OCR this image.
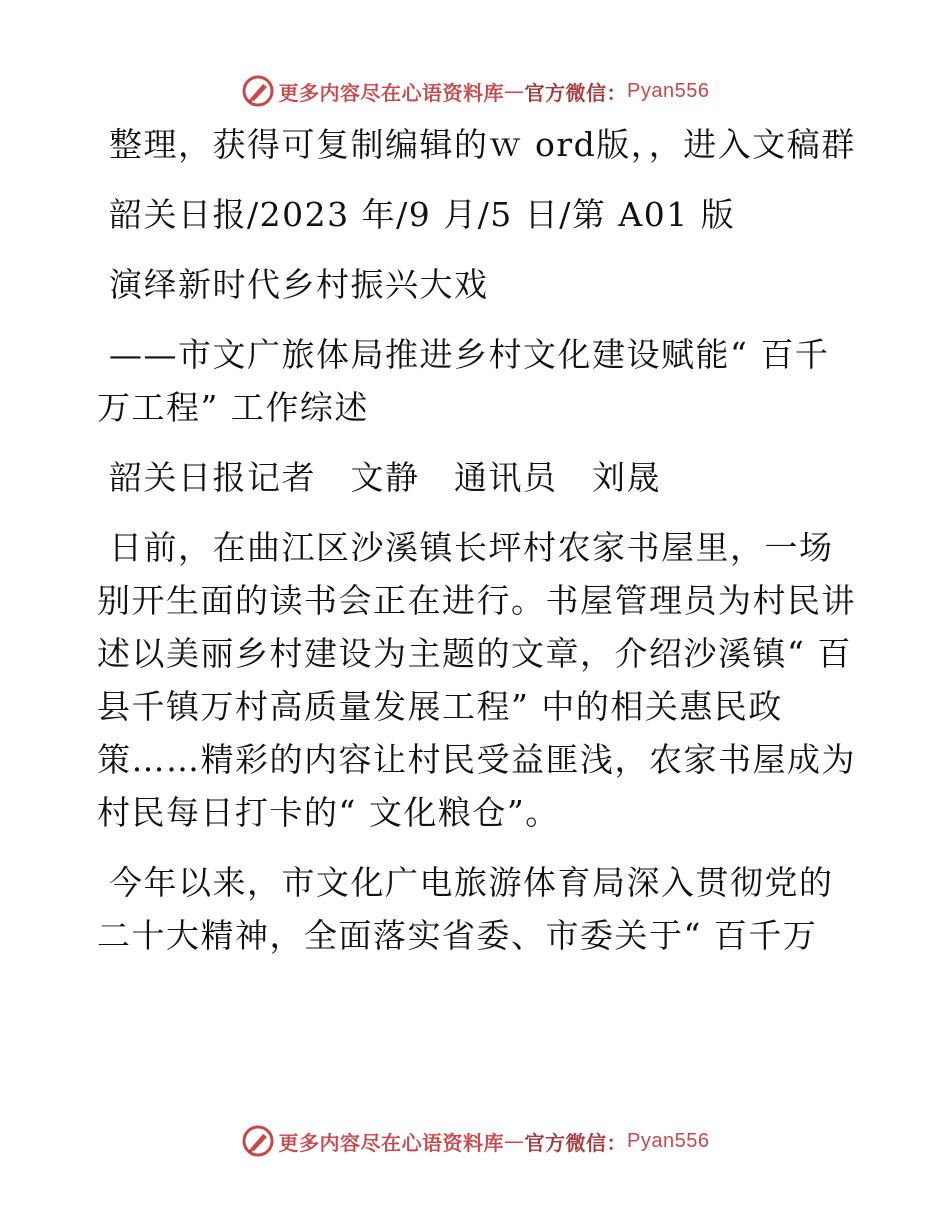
更多内容尽在心语资料库 — 官方微信： Pyan556

整理，获得可复制编辑的ｗ ord版，，进入文稿群

韶关日报/2023 年/9 月/5 日/第 A01 版

演绎新时代乡村振兴大戏

——市文广旅体局推进乡村文化建设赋能“ 百千万工程” 工作综述

韶关日报记者　文静　通讯员　刘晟

日前，在曲江区沙溪镇长坪村农家书屋里，一场别开生面的读书会正在进行。书屋管理员为村民讲述以美丽乡村建设为主题的文章，介绍沙溪镇“ 百县千镇万村高质量发展工程” 中的相关惠民政策……精彩的内容让村民受益匪浅，农家书屋成为村民每日打卡的“ 文化粮仓”。

今年以来，市文化广电旅游体育局深入贯彻党的二十大精神，全面落实省委、市委关于“ 百千万

更多内容尽在心语资料库 — 官方微信： Pyan556
